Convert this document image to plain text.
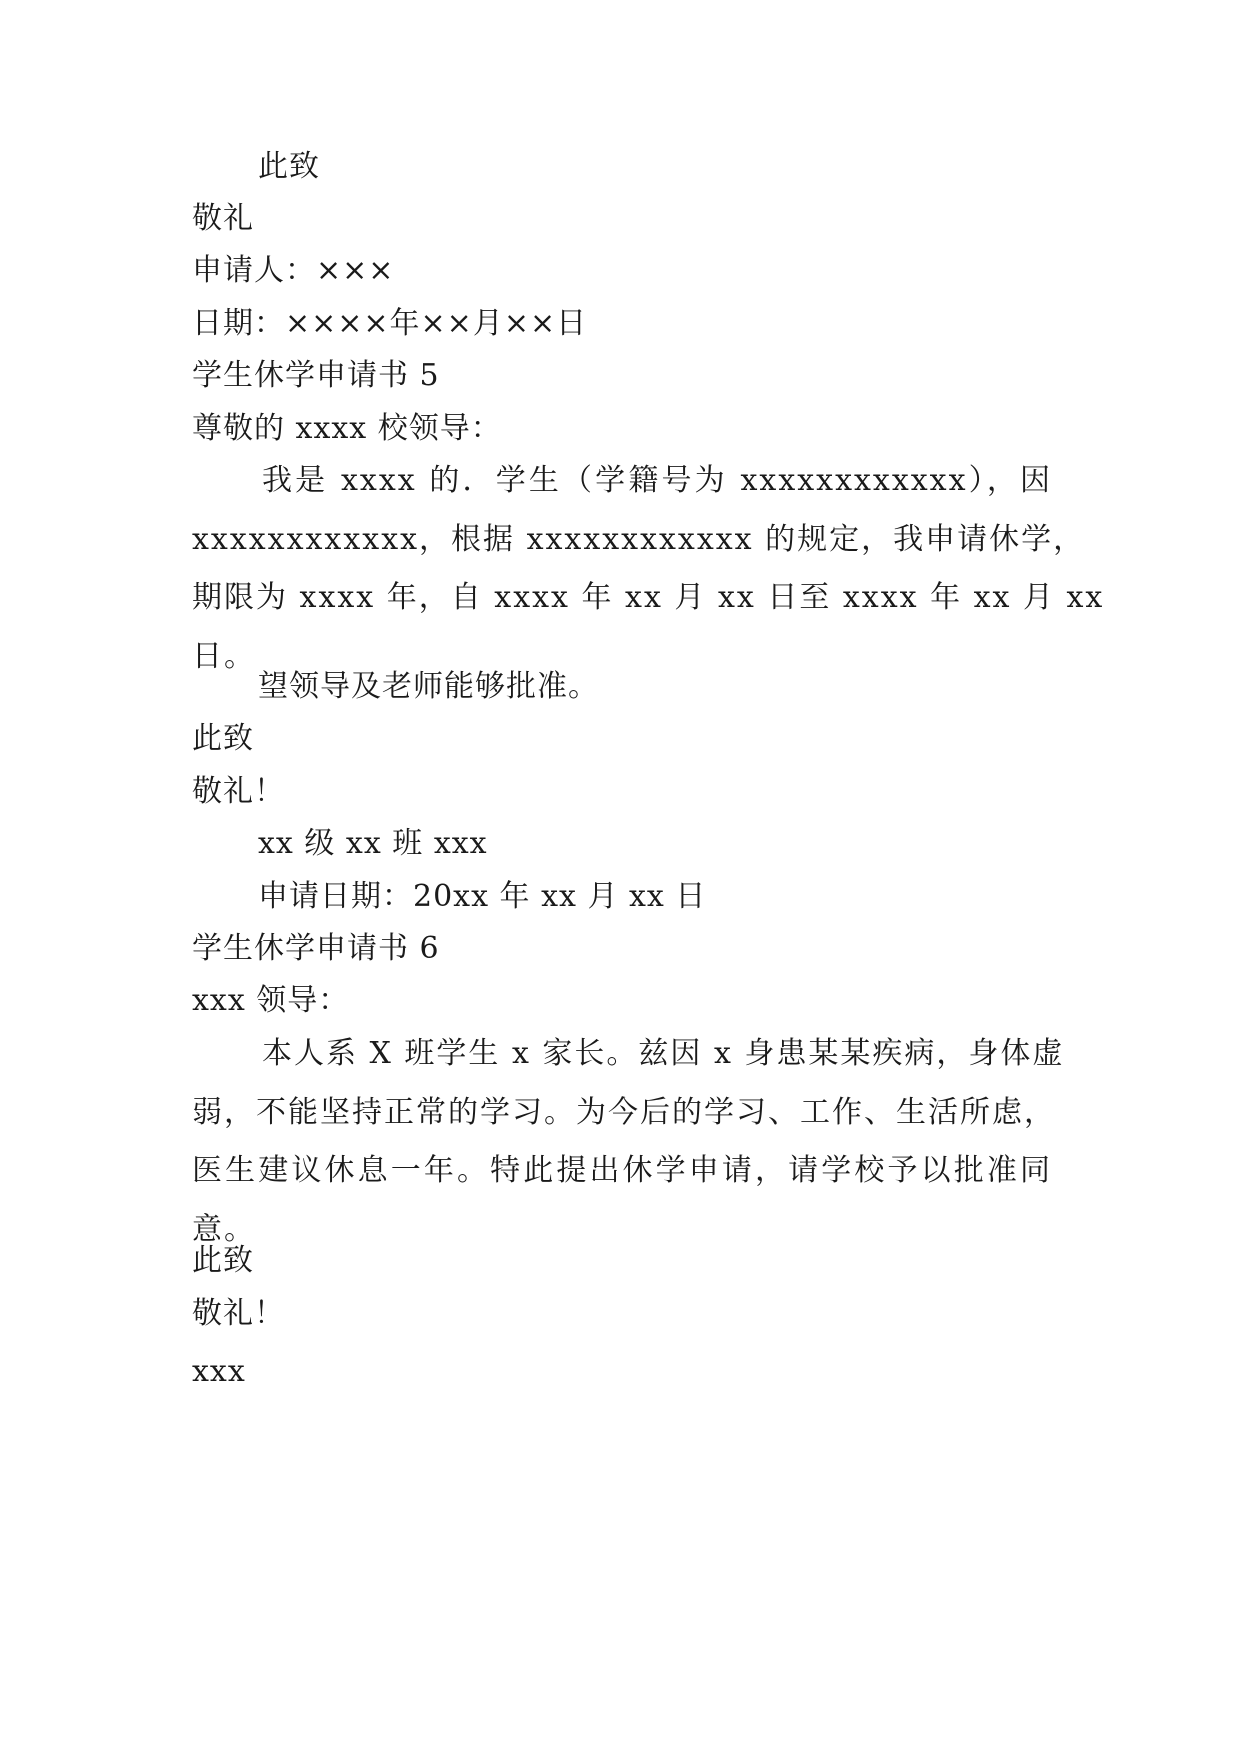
此致
敬礼
申请人：×××
日期：××××年××月××日
学生休学申请书 5
尊敬的 xxxx 校领导：
我是 xxxx 的．学生（学籍号为 xxxxxxxxxxxx），因
xxxxxxxxxxxx，根据 xxxxxxxxxxxx 的规定，我申请休学，
期限为 xxxx 年，自 xxxx 年 xx 月 xx 日至 xxxx 年 xx 月 xx
日。
望领导及老师能够批准。
此致
敬礼！
xx 级 xx 班 xxx
申请日期：20xx 年 xx 月 xx 日
学生休学申请书 6
xxx 领导：
本人系 X 班学生 x 家长。兹因 x 身患某某疾病，身体虚
弱，不能坚持正常的学习。为今后的学习、工作、生活所虑，
医生建议休息一年。特此提出休学申请，请学校予以批准同
意。
此致
敬礼！
xxx
